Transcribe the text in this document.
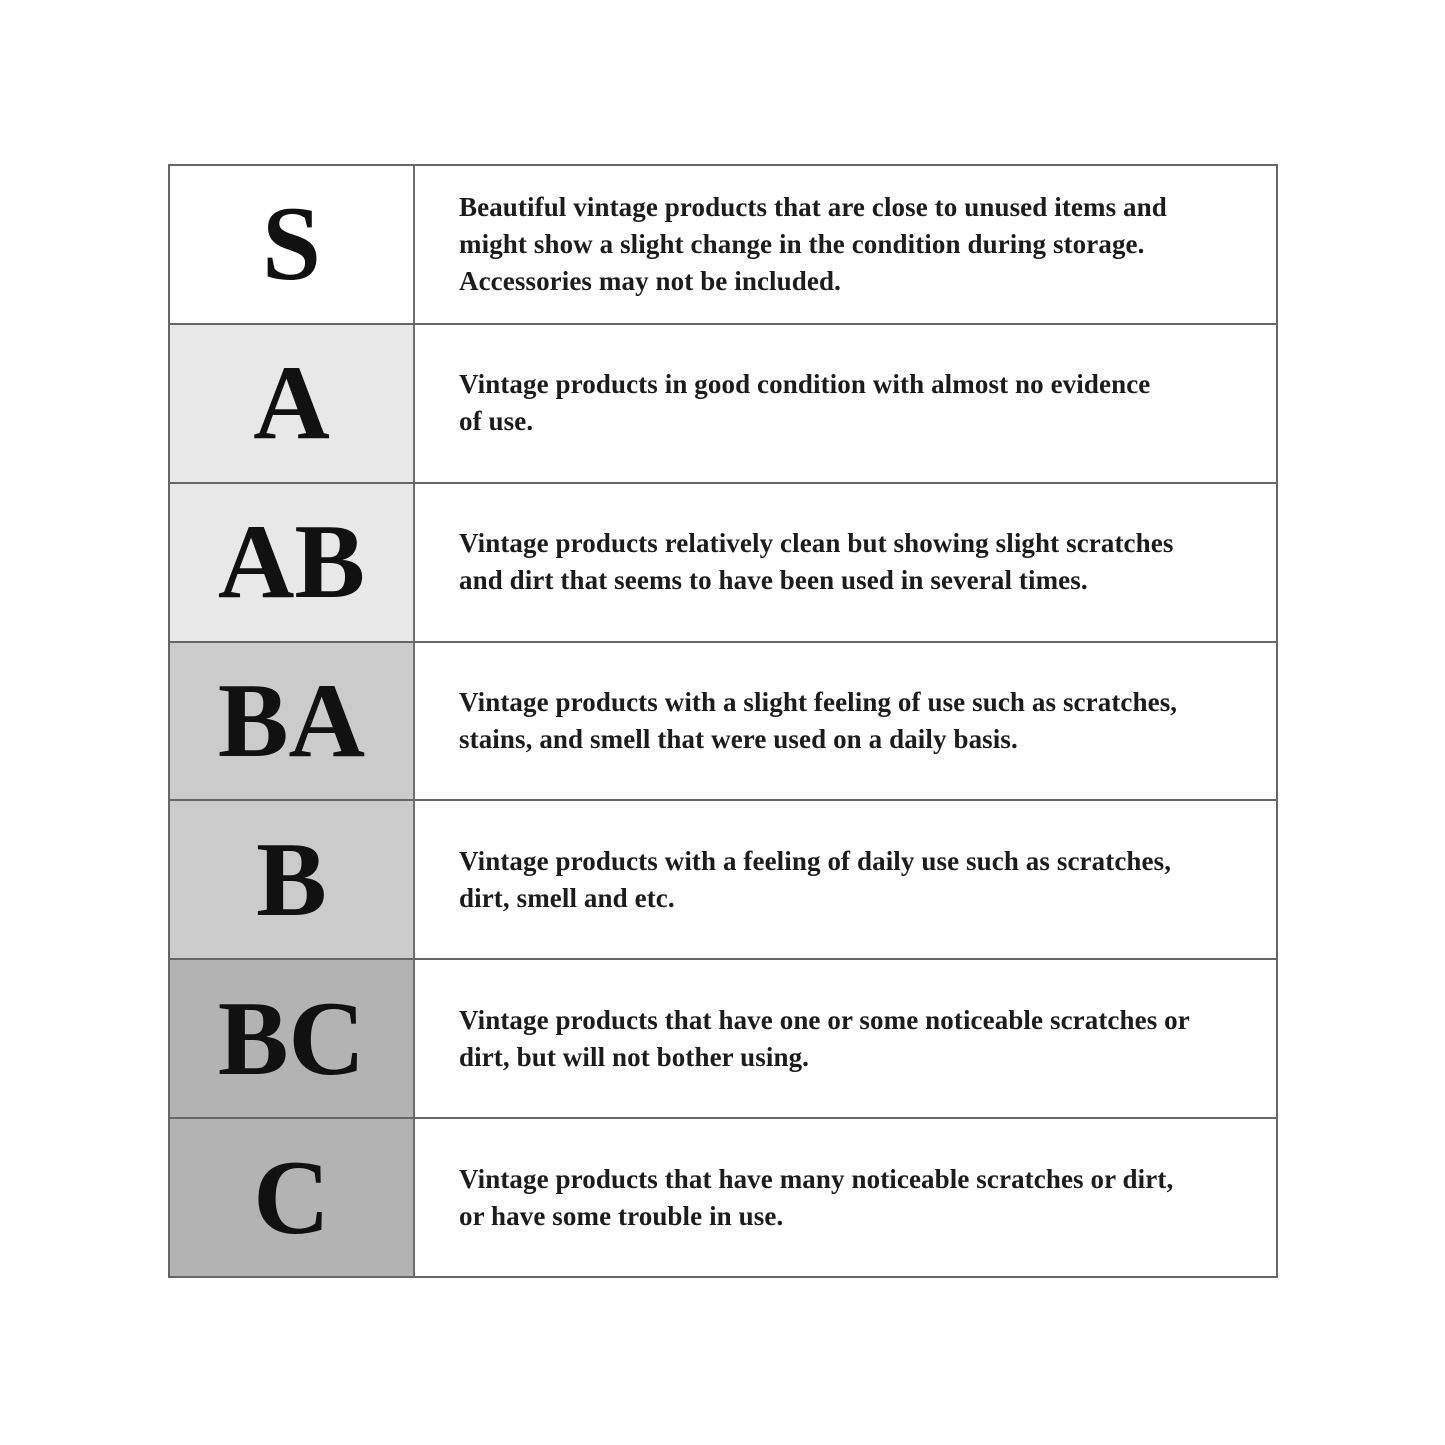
S	Beautiful vintage products that are close to unused items and
might show a slight change in the condition during storage.
Accessories may not be included.
A	Vintage products in good condition with almost no evidence
of use.
AB	Vintage products relatively clean but showing slight scratches
and dirt that seems to have been used in several times.
BA	Vintage products with a slight feeling of use such as scratches,
stains, and smell that were used on a daily basis.
B	Vintage products with a feeling of daily use such as scratches,
dirt, smell and etc.
BC	Vintage products that have one or some noticeable scratches or
dirt, but will not bother using.
C	Vintage products that have many noticeable scratches or dirt,
or have some trouble in use.
